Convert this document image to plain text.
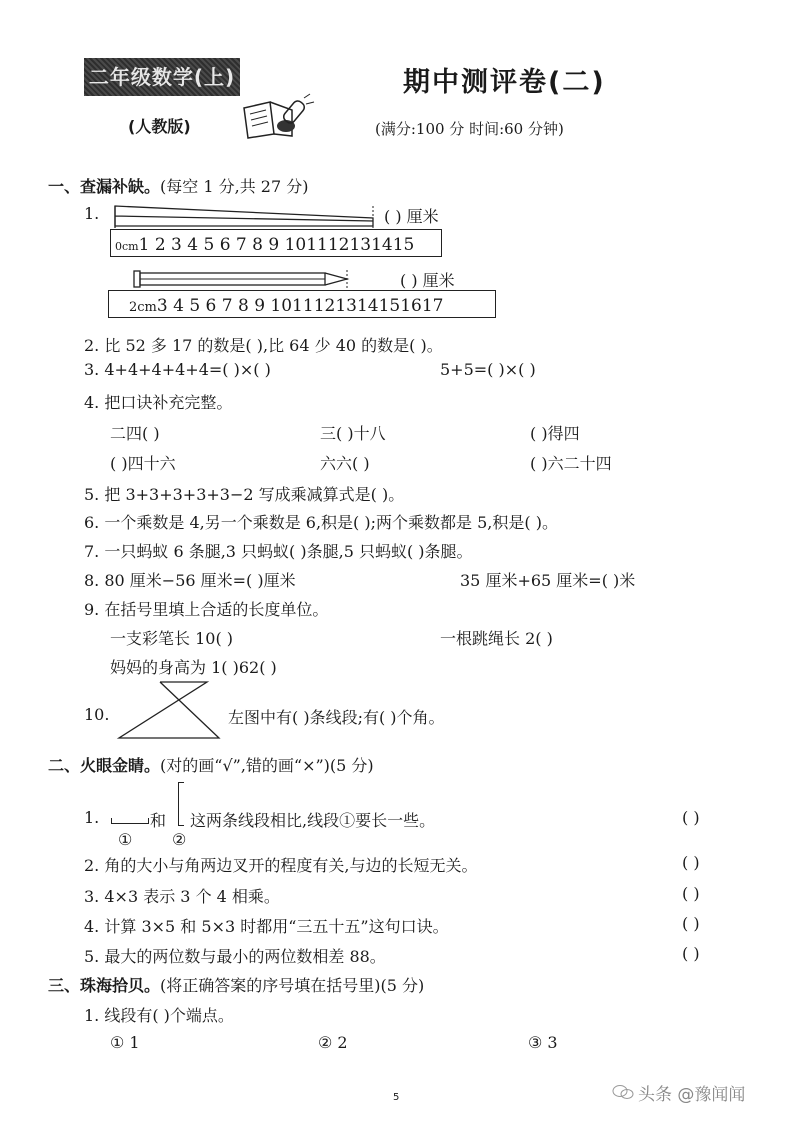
二年级数学(上)
(人教版)
期中测评卷(二)
(满分:100 分 时间:60 分钟)
一、查漏补缺。(每空 1 分,共 27 分)
1.	( ) 厘米
0cm1 2 3 4 5 6 7 8 9 101112131415
( ) 厘米
2cm3 4 5 6 7 8 9 1011121314151617
2. 比 52 多 17 的数是( ),比 64 少 40 的数是( )。
3. 4+4+4+4+4=( )×( )	5+5=( )×( )
4. 把口诀补充完整。
二四( )	三( )十八	( )得四
( )四十六	六六( )	( )六二十四
5. 把 3+3+3+3+3−2 写成乘减算式是( )。
6. 一个乘数是 4,另一个乘数是 6,积是( );两个乘数都是 5,积是( )。
7. 一只蚂蚁 6 条腿,3 只蚂蚁( )条腿,5 只蚂蚁( )条腿。
8. 80 厘米−56 厘米=( )厘米	35 厘米+65 厘米=( )米
9. 在括号里填上合适的长度单位。
一支彩笔长 10( )	一根跳绳长 2( )
妈妈的身高为 1( )62( )
10.	左图中有( )条线段;有( )个角。
二、火眼金睛。(对的画“√”,错的画“×”)(5 分)
1.	和
① ②
这两条线段相比,线段①要长一些。	( )
2. 角的大小与角两边叉开的程度有关,与边的长短无关。	( )
3. 4×3 表示 3 个 4 相乘。	( )
4. 计算 3×5 和 5×3 时都用“三五十五”这句口诀。	( )
5. 最大的两位数与最小的两位数相差 88。	( )
三、珠海拾贝。(将正确答案的序号填在括号里)(5 分)
1. 线段有( )个端点。
① 1	② 2	③ 3
5	头条 @豫闻闻
